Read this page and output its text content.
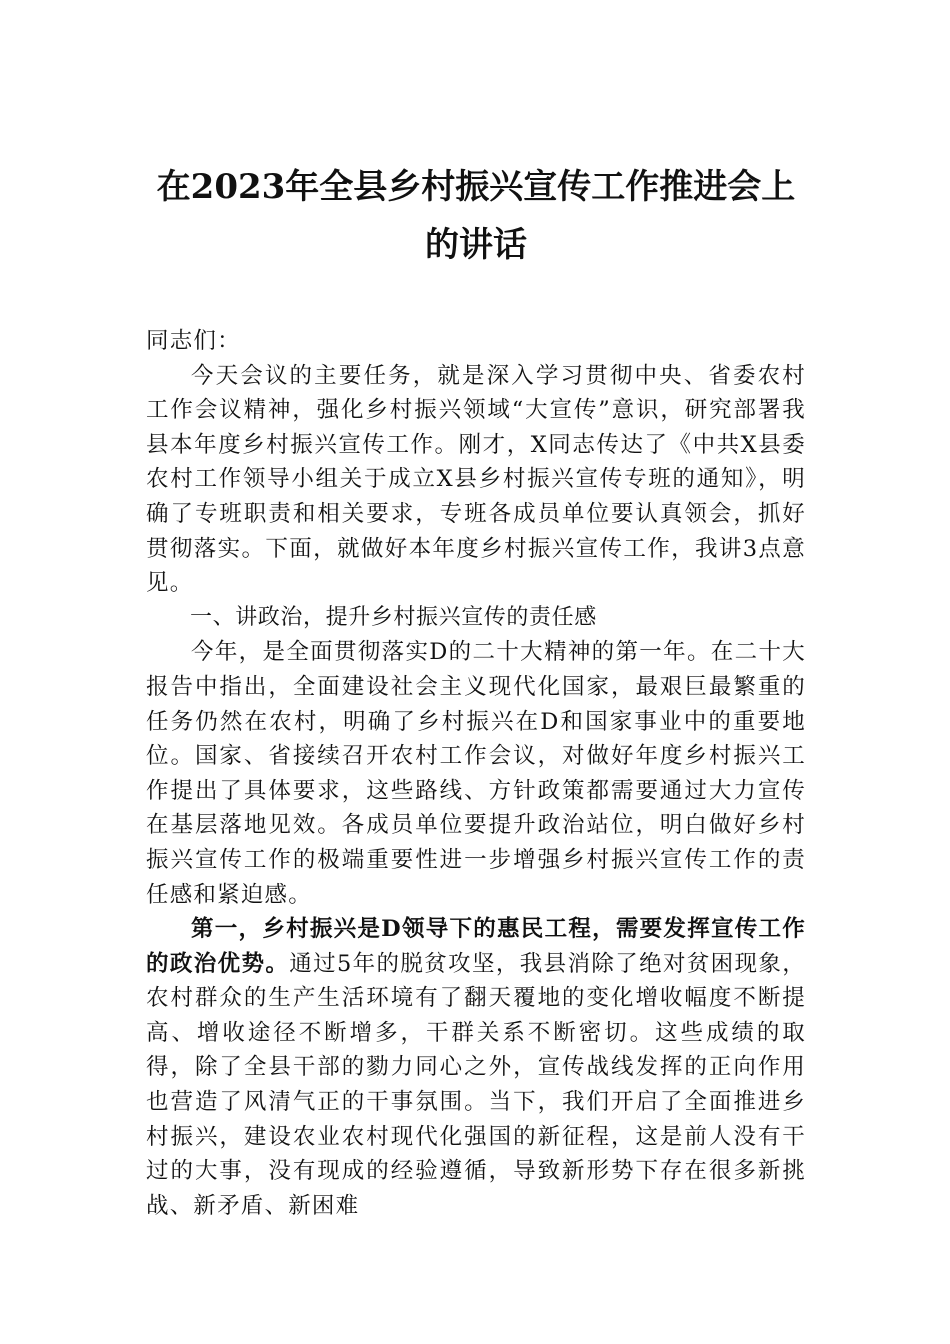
在2023年全县乡村振兴宣传工作推进会上
的讲话

同志们：

今天会议的主要任务，就是深入学习贯彻中央、省委农村工作会议精神，强化乡村振兴领域“大宣传”意识，研究部署我县本年度乡村振兴宣传工作。刚才，X同志传达了《中共X县委农村工作领导小组关于成立X县乡村振兴宣传专班的通知》，明确了专班职责和相关要求，专班各成员单位要认真领会，抓好贯彻落实。下面，就做好本年度乡村振兴宣传工作，我讲3点意见。

一、讲政治，提升乡村振兴宣传的责任感

今年，是全面贯彻落实D的二十大精神的第一年。在二十大报告中指出，全面建设社会主义现代化国家，最艰巨最繁重的任务仍然在农村，明确了乡村振兴在D和国家事业中的重要地位。国家、省接续召开农村工作会议，对做好年度乡村振兴工作提出了具体要求，这些路线、方针政策都需要通过大力宣传在基层落地见效。各成员单位要提升政治站位，明白做好乡村振兴宣传工作的极端重要性进一步增强乡村振兴宣传工作的责任感和紧迫感。

第一，乡村振兴是D领导下的惠民工程，需要发挥宣传工作的政治优势。通过5年的脱贫攻坚，我县消除了绝对贫困现象，农村群众的生产生活环境有了翻天覆地的变化增收幅度不断提高、增收途径不断增多，干群关系不断密切。这些成绩的取得，除了全县干部的勠力同心之外，宣传战线发挥的正向作用也营造了风清气正的干事氛围。当下，我们开启了全面推进乡村振兴，建设农业农村现代化强国的新征程，这是前人没有干过的大事，没有现成的经验遵循，导致新形势下存在很多新挑战、新矛盾、新困难
